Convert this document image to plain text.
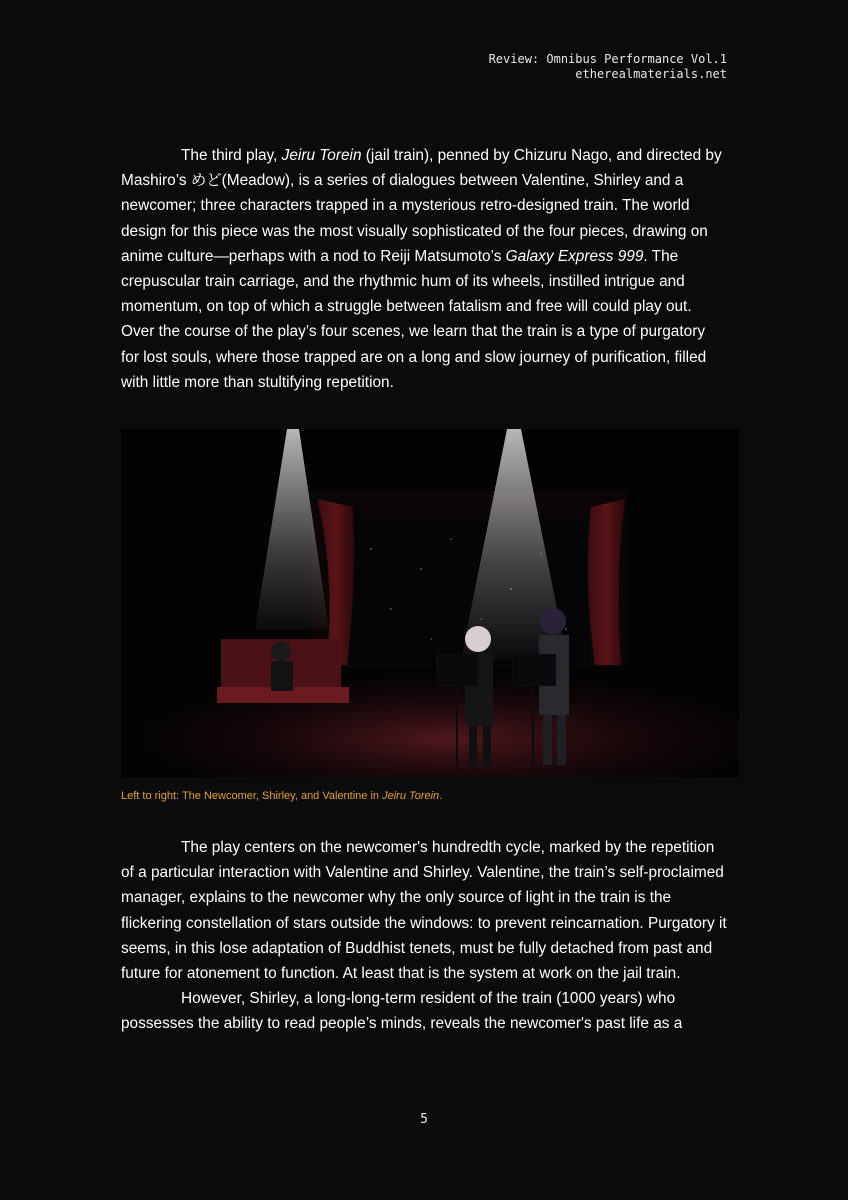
Review: Omnibus Performance Vol.1
etherealmaterials.net

The third play, Jeiru Torein (jail train), penned by Chizuru Nago, and directed by Mashiro’s めど(Meadow), is a series of dialogues between Valentine, Shirley and a newcomer; three characters trapped in a mysterious retro-designed train. The world design for this piece was the most visually sophisticated of the four pieces, drawing on anime culture—perhaps with a nod to Reiji Matsumoto’s Galaxy Express 999. The crepuscular train carriage, and the rhythmic hum of its wheels, instilled intrigue and momentum, on top of which a struggle between fatalism and free will could play out. Over the course of the play’s four scenes, we learn that the train is a type of purgatory for lost souls, where those trapped are on a long and slow journey of purification, filled with little more than stultifying repetition.

Left to right: The Newcomer, Shirley, and Valentine in Jeiru Torein.
The play centers on the newcomer's hundredth cycle, marked by the repetition of a particular interaction with Valentine and Shirley. Valentine, the train’s self-proclaimed manager, explains to the newcomer why the only source of light in the train is the flickering constellation of stars outside the windows: to prevent reincarnation. Purgatory it seems, in this lose adaptation of Buddhist tenets, must be fully detached from past and future for atonement to function. At least that is the system at work on the jail train.
However, Shirley, a long-long-term resident of the train (1000 years) who possesses the ability to read people’s minds, reveals the newcomer's past life as a
5
